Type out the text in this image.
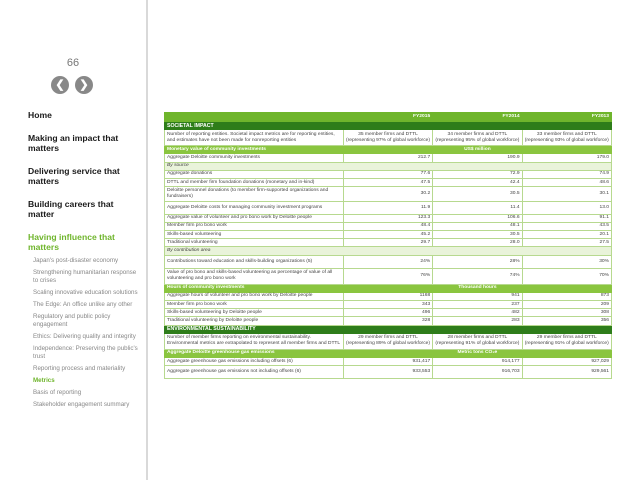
66
❮	❯
Home
Making an impact that matters
Delivering service that matters
Building careers that matter
Having influence that matters
Japan's post-disaster economy
Strengthening humanitarian response to crises
Scaling innovative education solutions
The Edge: An office unlike any other
Regulatory and public policy engagement
Ethics: Delivering quality and integrity
Independence: Preserving the public's trust
Reporting process and materiality
Metrics
Basis of reporting
Stakeholder engagement summary
	FY2015	FY2014	FY2013
SOCIETAL IMPACT			
Number of reporting entities. Societal impact metrics are for reporting entities, and estimates have not been made for nonreporting entities	35 member firms and DTTL (representing 97% of global workforce)	34 member firms and DTTL (representing 95% of global workforce)	33 member firms and DTTL (representing 93% of global workforce)
Monetary value of community investments	US$ million		
Aggregate Deloitte community investments	212.7	190.9	179.0
By source			
Aggregate donations	77.6	72.9	74.9
DTTL and member firm foundation donations (monetary and in-kind)	47.5	42.4	48.6
Deloitte personnel donations (to member firm-supported organizations and fundraisers)	30.2	30.5	30.1
Aggregate Deloitte costs for managing community investment programs	11.9	11.4	13.0
Aggregate value of volunteer and pro bono work by Deloitte people	123.3	106.6	91.1
Member firm pro bono work	48.4	48.1	43.5
Skills-based volunteering	45.2	30.5	20.1
Traditional volunteering	29.7	28.0	27.5
By contribution area			
Contributions toward education and skills-building organizations (5)	24%	28%	30%
Value of pro bono and skills-based volunteering as percentage of value of all volunteering and pro bono work	76%	74%	70%
Hours of community investments	Thousand hours		
Aggregate hours of volunteer and pro bono work by Deloitte people	1168	941	873
Member firm pro bono work	343	237	209
Skills-based volunteering by Deloitte people	496	482	308
Traditional volunteering by Deloitte people	328	283	356
ENVIRONMENTAL SUSTAINABILITY			
Number of member firms reporting on environmental sustainability. Environmental metrics are extrapolated to represent all member firms and DTTL	29 member firms and DTTL (representing 89% of global workforce)	28 member firms and DTTL (representing 91% of global workforce)	29 member firms and DTTL (representing 91% of global workforce)
Aggregate Deloitte greenhouse gas emissions	Metric tons CO₂e		
Aggregate greenhouse gas emissions including offsets (6)	931,417	914,177	927,029
Aggregate greenhouse gas emissions not including offsets (6)	933,553	916,703	929,561
